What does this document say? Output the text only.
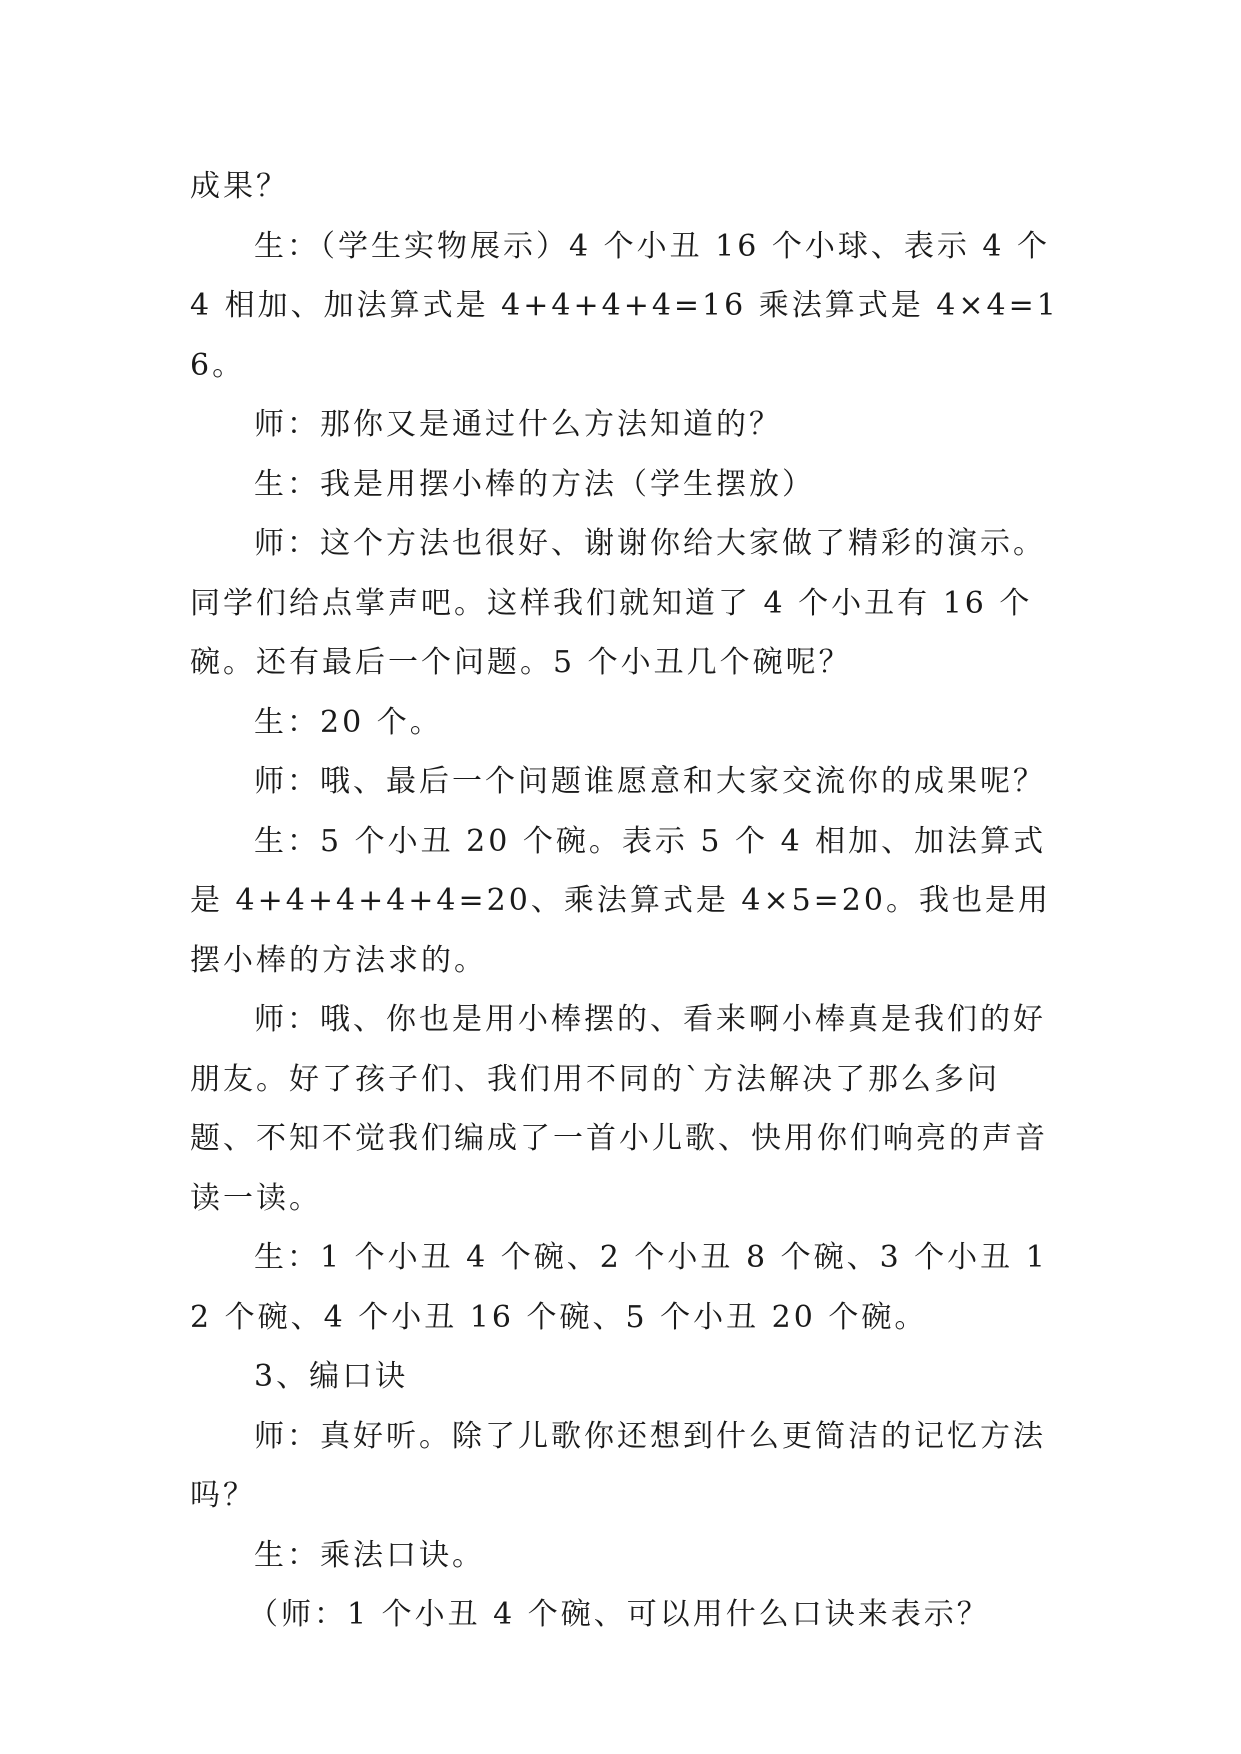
成果？

生：（学生实物展示）4 个小丑 16 个小球、表示 4 个 4 相加、加法算式是 4+4+4+4=16 乘法算式是 4×4=16。

师：那你又是通过什么方法知道的？

生：我是用摆小棒的方法（学生摆放）

师：这个方法也很好、谢谢你给大家做了精彩的演示。同学们给点掌声吧。这样我们就知道了 4 个小丑有 16 个碗。还有最后一个问题。5 个小丑几个碗呢？

生：20 个。

师：哦、最后一个问题谁愿意和大家交流你的成果呢？

生：5 个小丑 20 个碗。表示 5 个 4 相加、加法算式是 4+4+4+4+4=20、乘法算式是 4×5=20。我也是用摆小棒的方法求的。

师：哦、你也是用小棒摆的、看来啊小棒真是我们的好朋友。好了孩子们、我们用不同的`方法解决了那么多问题、不知不觉我们编成了一首小儿歌、快用你们响亮的声音读一读。

生：1 个小丑 4 个碗、2 个小丑 8 个碗、3 个小丑 12 个碗、4 个小丑 16 个碗、5 个小丑 20 个碗。

3、编口诀

师：真好听。除了儿歌你还想到什么更简洁的记忆方法吗？

生：乘法口诀。

（师：1 个小丑 4 个碗、可以用什么口诀来表示？
